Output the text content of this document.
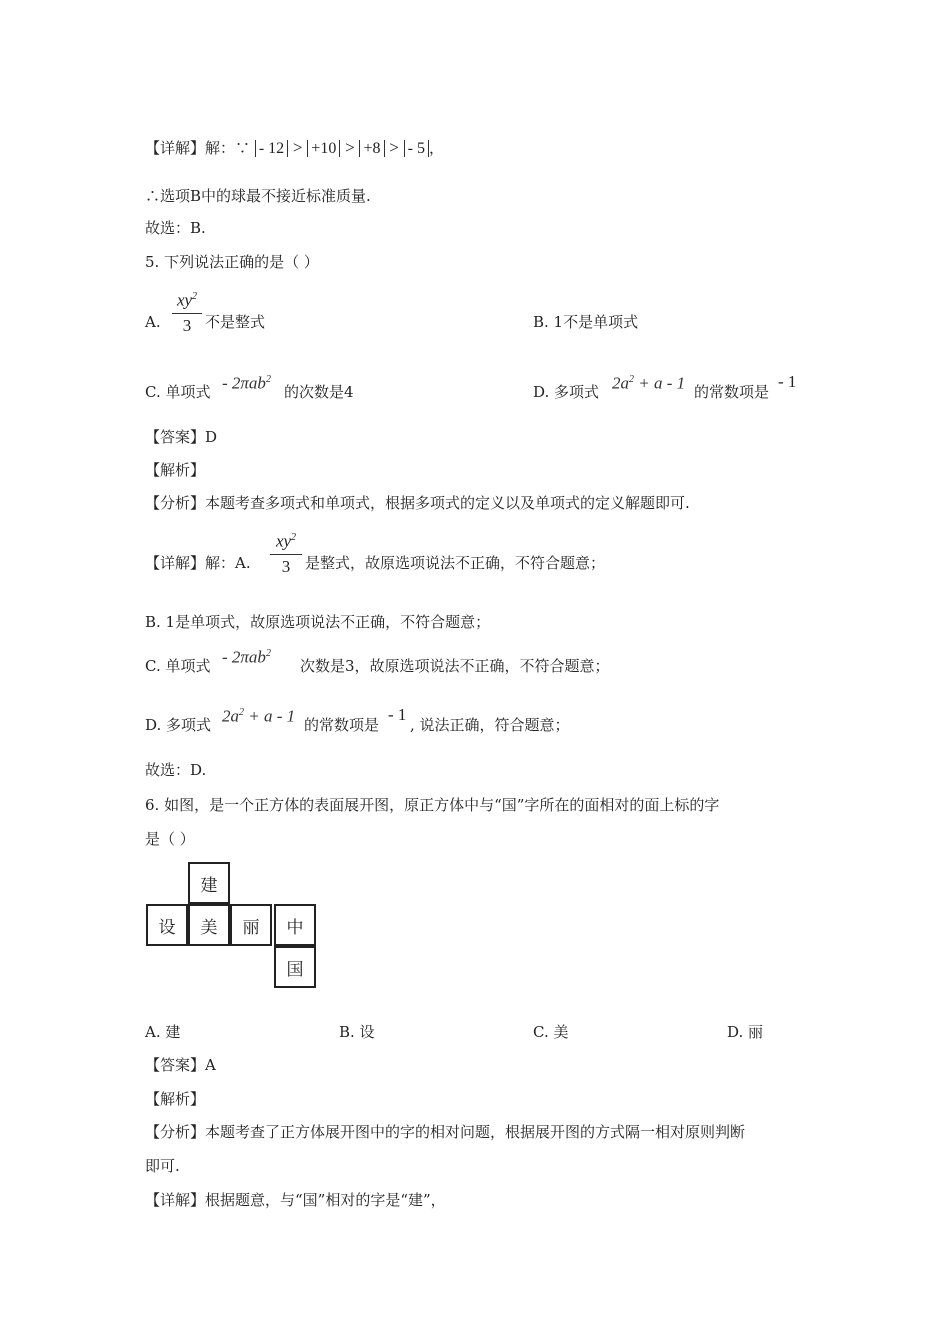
【详解】解：∵ - 12 > +10 > +8 > - 5 ，
∴选项B中的球最不接近标准质量.
故选：B.
5. 下列说法正确的是（ ）
A.
$xy^2$
3 不是整式	B. 1不是单项式
C. 单项式 - 2πab$^2$
的次数是4	D. 多项式 $2a^2 + a - 1$ 的常数项是
- 1
【答案】D
【解析】
【分析】本题考查多项式和单项式，根据多项式的定义以及单项式的定义解题即可.
【详解】解：A.
$xy^2$
3 是整式，故原选项说法不正确，不符合题意；
B. 1是单项式，故原选项说法不正确，不符合题意；
C. 单项式 - 2πab$^2$
次数是3，故原选项说法不正确，不符合题意；
D. 多项式 $2a^2 + a - 1$ 的常数项是
- 1
, 说法正确，符合题意；
故选：D.
6. 如图，是一个正方体的表面展开图，原正方体中与“国”字所在的面相对的面上标的字
是（ ）
建
设	美	丽	中
国
A. 建	B. 设	C. 美	D. 丽
【答案】A
【解析】
【分析】本题考查了正方体展开图中的字的相对问题，根据展开图的方式隔一相对原则判断
即可.
【详解】根据题意，与“国”相对的字是“建”，
